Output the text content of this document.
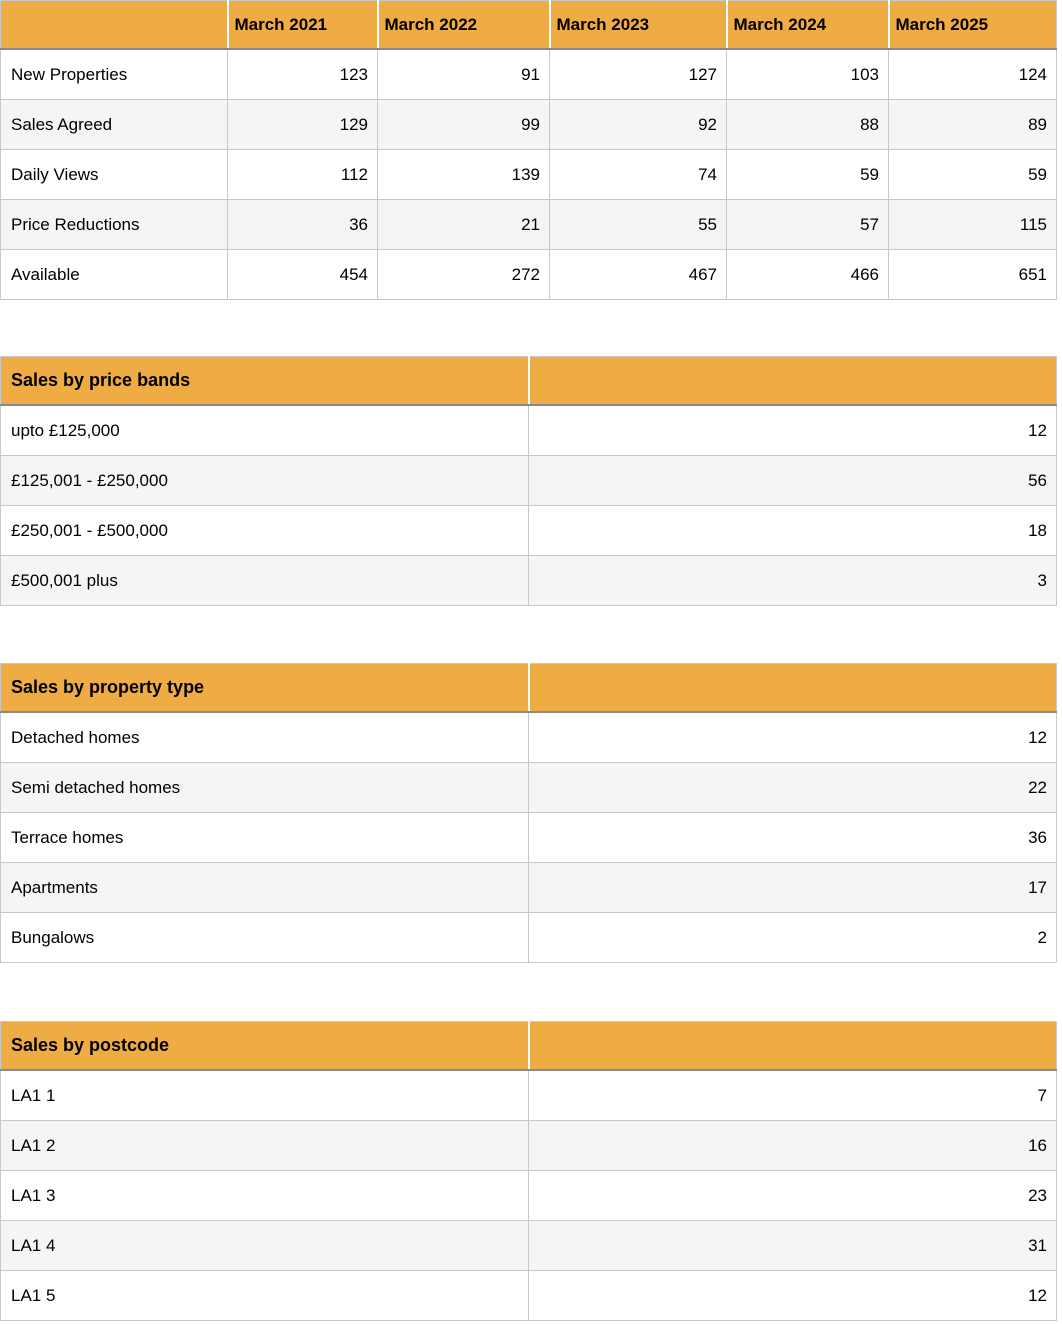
	March 2021	March 2022	March 2023	March 2024	March 2025
New Properties	123	91	127	103	124
Sales Agreed	129	99	92	88	89
Daily Views	112	139	74	59	59
Price Reductions	36	21	55	57	115
Available	454	272	467	466	651
Sales by price bands	
upto £125,000	12
£125,001 - £250,000	56
£250,001 - £500,000	18
£500,001 plus	3
Sales by property type	
Detached homes	12
Semi detached homes	22
Terrace homes	36
Apartments	17
Bungalows	2
Sales by postcode	
LA1 1	7
LA1 2	16
LA1 3	23
LA1 4	31
LA1 5	12
